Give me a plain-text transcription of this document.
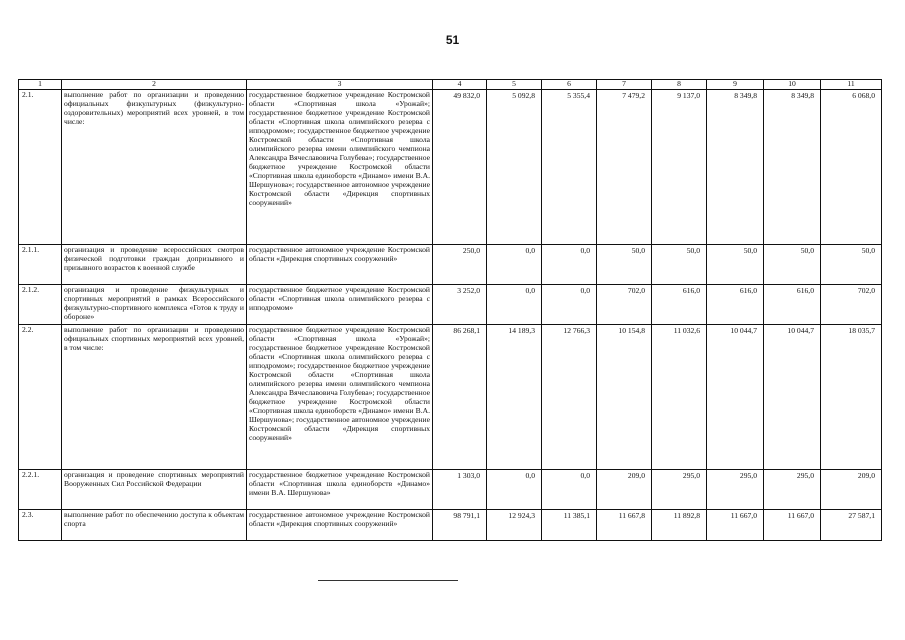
51
1	2	3	4	5	6	7	8	9	10	11
2.1.	выполнение работ по организации и проведению официальных физкультурных (физкультурно-оздоровительных) мероприятий всех уровней, в том числе:	государственное бюджетное учреждение Костромской области «Спортивная школа «Урожай»; государственное бюджетное учреждение Костромской области «Спортивная школа олимпийского резерва с ипподромом»; государственное бюджетное учреждение Костромской области «Спортивная школа олимпийского резерва имени олимпийского чемпиона Александра Вячеславовича Голубева»; государственное бюджетное учреждение Костромской области «Спортивная школа единоборств «Динамо» имени В.А. Шершунова»; государственное автономное учреждение Костромской области «Дирекция спортивных сооружений»	49 832,0	5 092,8	5 355,4	7 479,2	9 137,0	8 349,8	8 349,8	6 068,0
2.1.1.	организация и проведение всероссийских смотров физической подготовки граждан допризывного и призывного возрастов к военной службе	государственное автономное учреждение Костромской области «Дирекция спортивных сооружений»	250,0	0,0	0,0	50,0	50,0	50,0	50,0	50,0
2.1.2.	организация и проведение физкультурных и спортивных мероприятий в рамках Всероссийского физкультурно-спортивного комплекса «Готов к труду и обороне»	государственное бюджетное учреждение Костромской области «Спортивная школа олимпийского резерва с ипподромом»	3 252,0	0,0	0,0	702,0	616,0	616,0	616,0	702,0
2.2.	выполнение работ по организации и проведению официальных спортивных мероприятий всех уровней, в том числе:	государственное бюджетное учреждение Костромской области «Спортивная школа «Урожай»; государственное бюджетное учреждение Костромской области «Спортивная школа олимпийского резерва с ипподромом»; государственное бюджетное учреждение Костромской области «Спортивная школа олимпийского резерва имени олимпийского чемпиона Александра Вячеславовича Голубева»; государственное бюджетное учреждение Костромской области «Спортивная школа единоборств «Динамо» имени В.А. Шершунова»; государственное автономное учреждение Костромской области «Дирекция спортивных сооружений»	86 268,1	14 189,3	12 766,3	10 154,8	11 032,6	10 044,7	10 044,7	18 035,7
2.2.1.	организация и проведение спортивных мероприятий Вооруженных Сил Российской Федерации	государственное бюджетное учреждение Костромской области «Спортивная школа единоборств «Динамо» имени В.А. Шершунова»	1 303,0	0,0	0,0	209,0	295,0	295,0	295,0	209,0
2.3.	выполнение работ по обеспечению доступа к объектам спорта	государственное автономное учреждение Костромской области «Дирекция спортивных сооружений»	98 791,1	12 924,3	11 385,1	11 667,8	11 892,8	11 667,0	11 667,0	27 587,1
